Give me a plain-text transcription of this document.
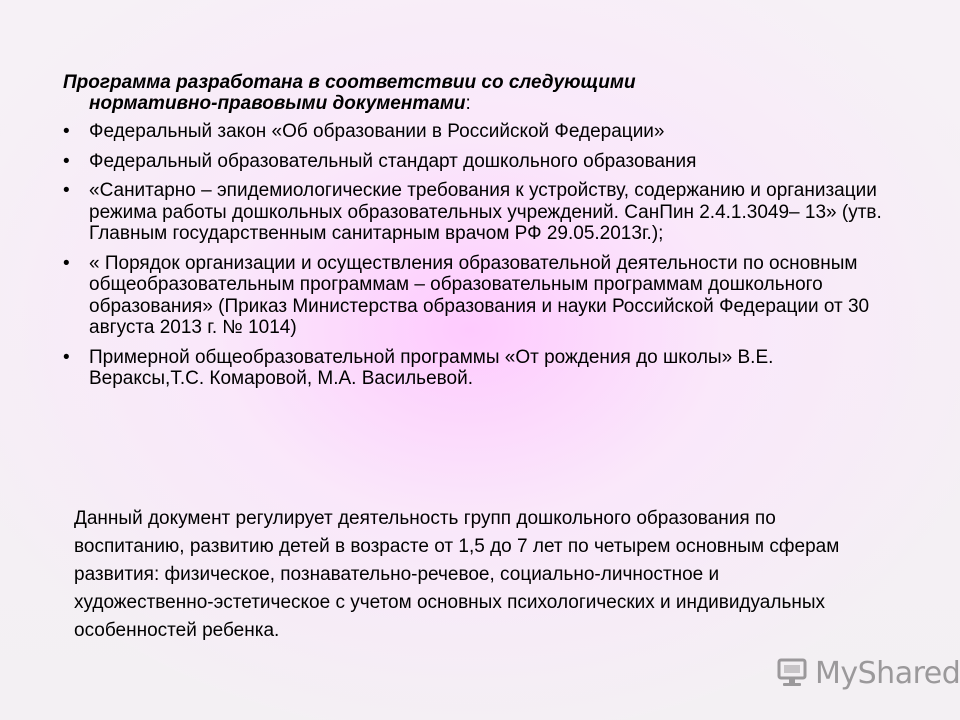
Программа разработана в соответствии со следующими
нормативно-правовыми документами:
• Федеральный закон «Об образовании в Российской Федерации»
• Федеральный образовательный стандарт дошкольного образования
• «Санитарно – эпидемиологические требования к устройству, содержанию и организации режима работы дошкольных образовательных учреждений. СанПин 2.4.1.3049– 13» (утв. Главным государственным санитарным врачом РФ 29.05.2013г.);
• « Порядок организации и осуществления образовательной деятельности по основным общеобразовательным программам – образовательным программам дошкольного образования» (Приказ Министерства образования и науки Российской Федерации от 30 августа 2013 г. № 1014)
• Примерной общеобразовательной программы «От рождения до школы» В.Е. Вераксы,Т.С. Комаровой, М.А. Васильевой.
Данный документ регулирует деятельность групп дошкольного образования по воспитанию, развитию детей в возрасте от 1,5 до 7 лет по четырем основным сферам развития: физическое, познавательно-речевое, социально-личностное и художественно-эстетическое с учетом основных психологических и индивидуальных особенностей ребенка.
MyShared
